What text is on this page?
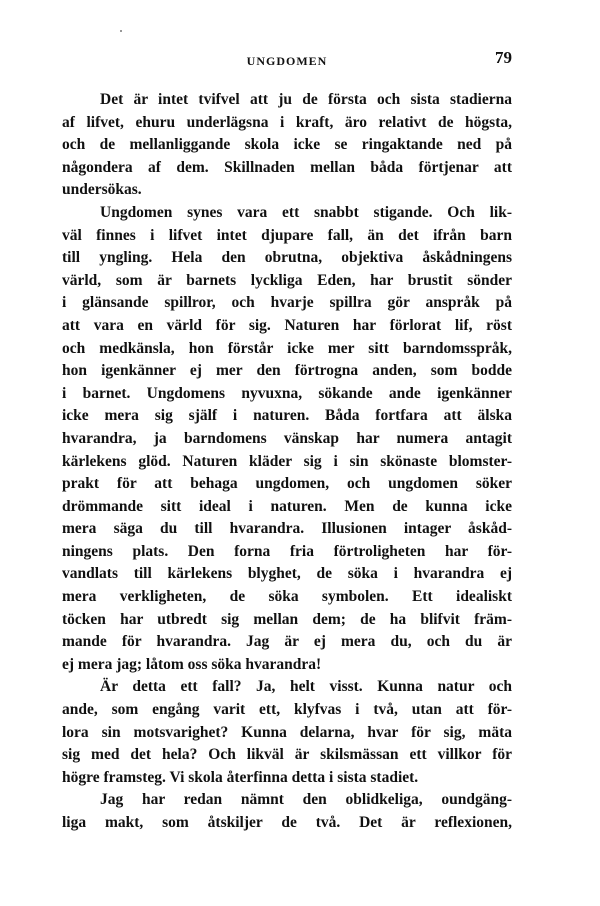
UNGDOMEN	79
Det är intet tvifvel att ju de första och sista stadierna
af lifvet, ehuru underlägsna i kraft, äro relativt de högsta,
och de mellanliggande skola icke se ringaktande ned på
någondera af dem. Skillnaden mellan båda förtjenar att
undersökas.
Ungdomen synes vara ett snabbt stigande. Och lik-
väl finnes i lifvet intet djupare fall, än det ifrån barn
till yngling. Hela den obrutna, objektiva åskådningens
värld, som är barnets lyckliga Eden, har brustit sönder
i glänsande spillror, och hvarje spillra gör anspråk på
att vara en värld för sig. Naturen har förlorat lif, röst
och medkänsla, hon förstår icke mer sitt barndomsspråk,
hon igenkänner ej mer den förtrogna anden, som bodde
i barnet. Ungdomens nyvuxna, sökande ande igenkänner
icke mera sig själf i naturen. Båda fortfara att älska
hvarandra, ja barndomens vänskap har numera antagit
kärlekens glöd. Naturen kläder sig i sin skönaste blomster-
prakt för att behaga ungdomen, och ungdomen söker
drömmande sitt ideal i naturen. Men de kunna icke
mera säga du till hvarandra. Illusionen intager åskåd-
ningens plats. Den forna fria förtroligheten har för-
vandlats till kärlekens blyghet, de söka i hvarandra ej
mera verkligheten, de söka symbolen. Ett idealiskt
töcken har utbredt sig mellan dem; de ha blifvit främ-
mande för hvarandra. Jag är ej mera du, och du är
ej mera jag; låtom oss söka hvarandra!
Är detta ett fall? Ja, helt visst. Kunna natur och
ande, som engång varit ett, klyfvas i två, utan att för-
lora sin motsvarighet? Kunna delarna, hvar för sig, mäta
sig med det hela? Och likväl är skilsmässan ett villkor för
högre framsteg. Vi skola återfinna detta i sista stadiet.
Jag har redan nämnt den oblidkeliga, oundgäng-
liga makt, som åtskiljer de två. Det är reflexionen,
